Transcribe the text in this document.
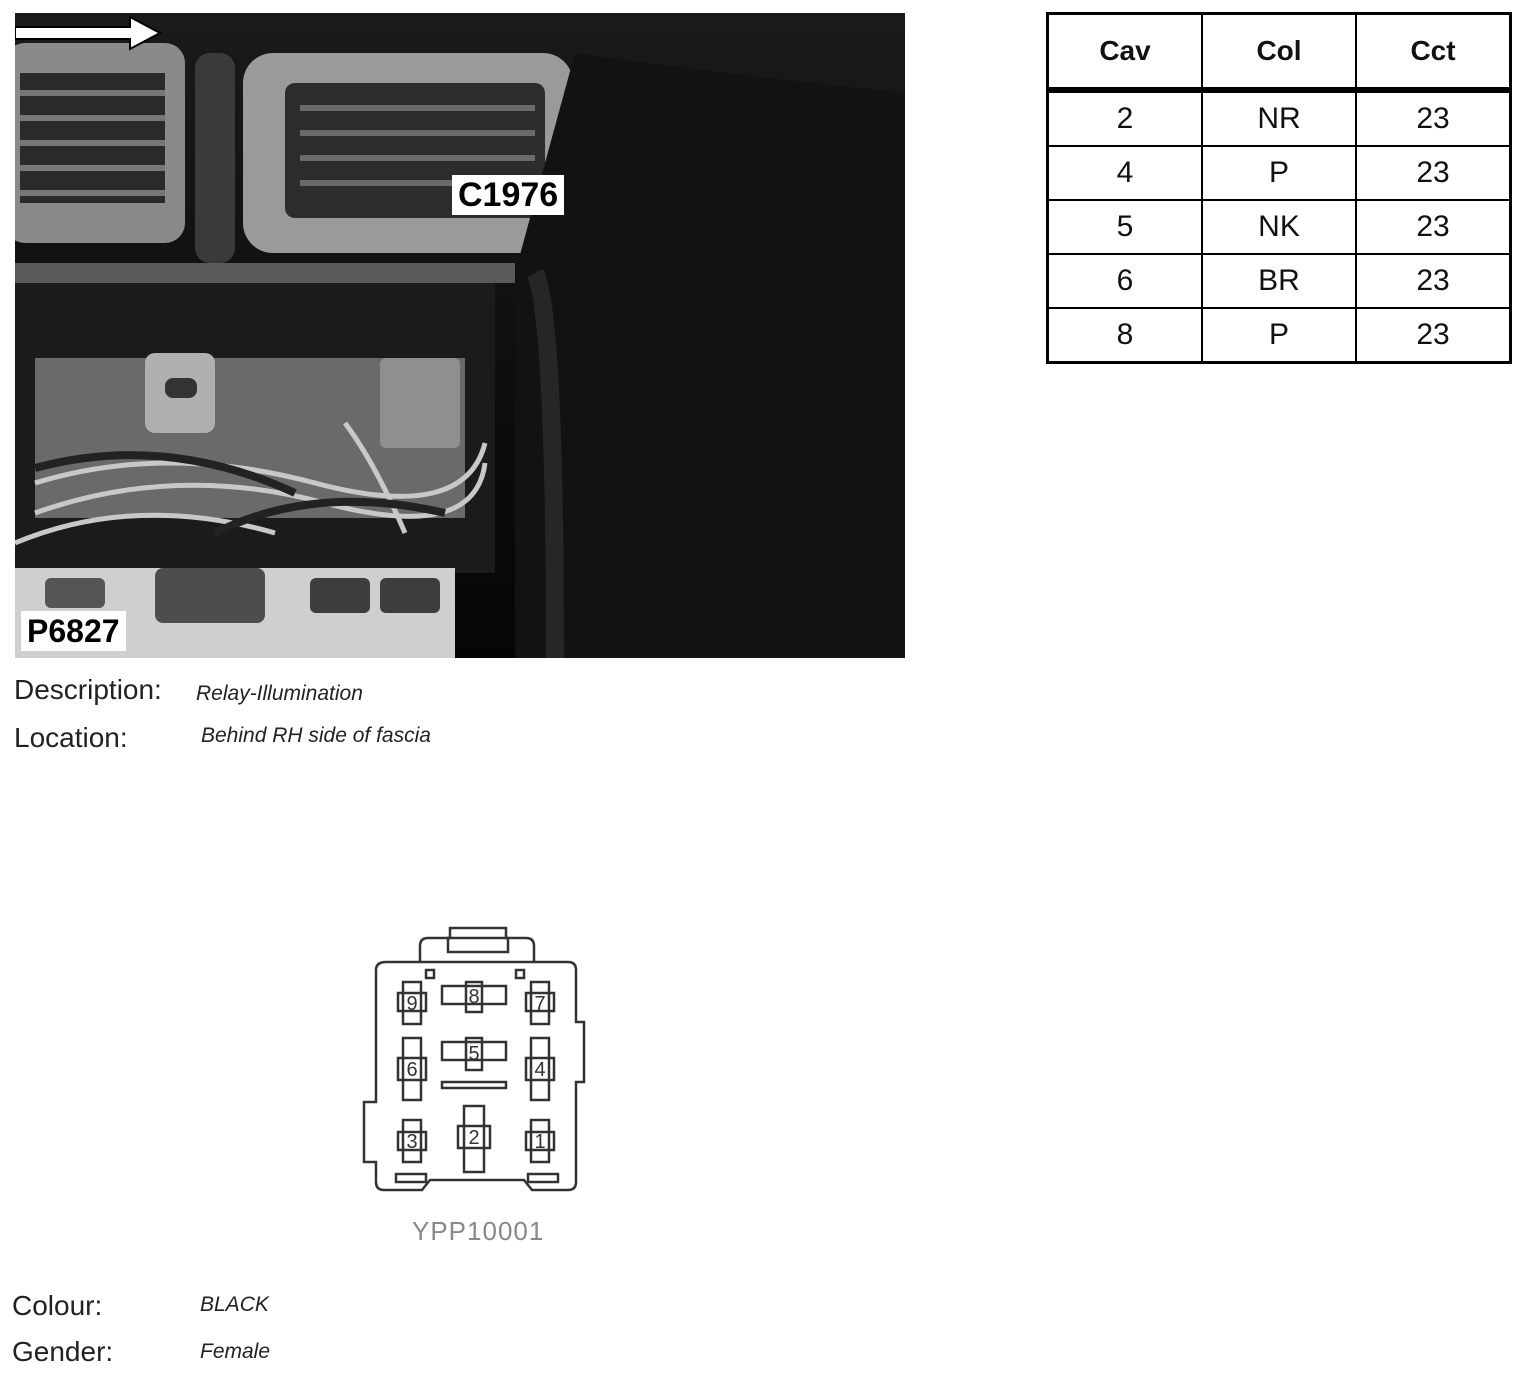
C1976
P6827
Cav	Col	Cct
2	NR	23
4	P	23
5	NK	23
6	BR	23
8	P	23
Description: Relay-Illumination
Location:	Behind RH side of fascia
9	8	7
6
5
4
3	2	1
YPP10001
Colour:	BLACK
Gender:	Female
